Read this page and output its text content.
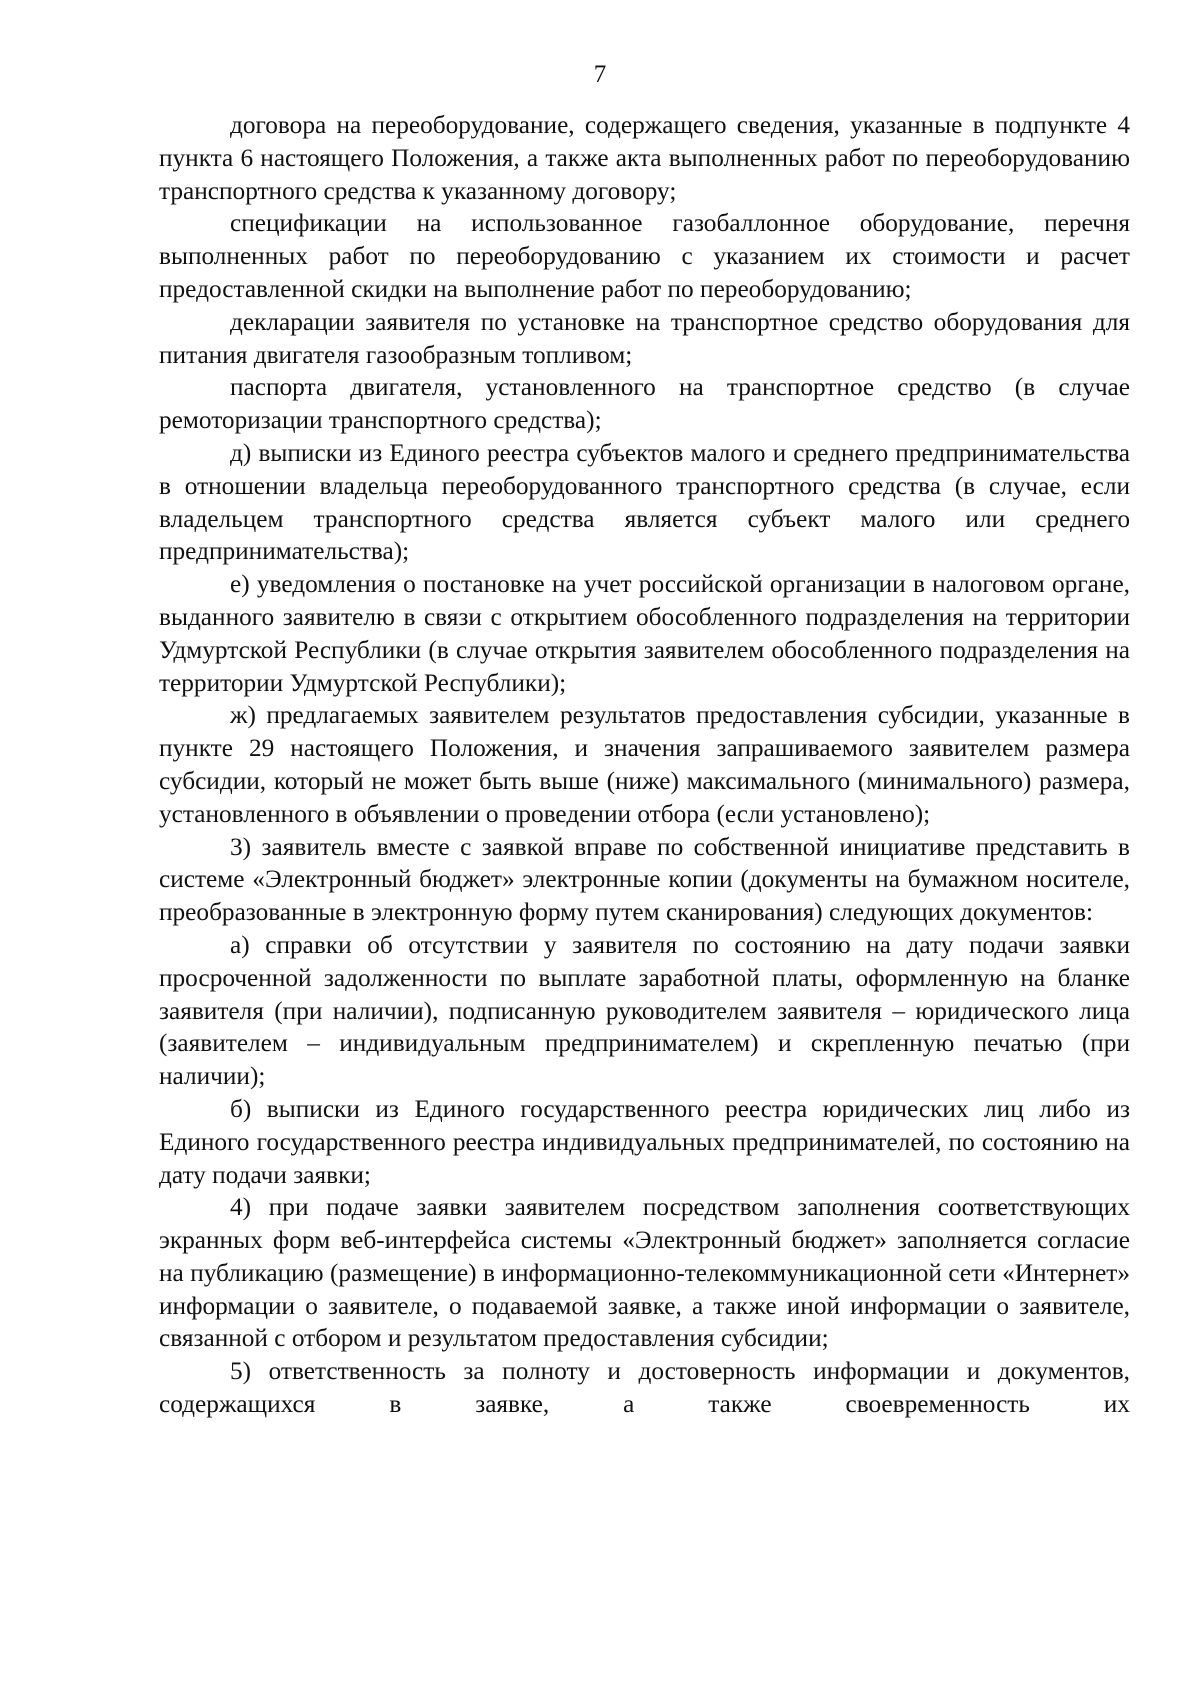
7

договора на переоборудование, содержащего сведения, указанные в подпункте 4 пункта 6 настоящего Положения, а также акта выполненных работ по переоборудованию транспортного средства к указанному договору;

спецификации на использованное газобаллонное оборудование, перечня выполненных работ по переоборудованию с указанием их стоимости и расчет предоставленной скидки на выполнение работ по переоборудованию;

декларации заявителя по установке на транспортное средство оборудования для питания двигателя газообразным топливом;

паспорта двигателя, установленного на транспортное средство (в случае ремоторизации транспортного средства);

д) выписки из Единого реестра субъектов малого и среднего предпринимательства в отношении владельца переоборудованного транспортного средства (в случае, если владельцем транспортного средства является субъект малого или среднего предпринимательства);

е) уведомления о постановке на учет российской организации в налоговом органе, выданного заявителю в связи с открытием обособленного подразделения на территории Удмуртской Республики (в случае открытия заявителем обособленного подразделения на территории Удмуртской Республики);

ж) предлагаемых заявителем результатов предоставления субсидии, указанные в пункте 29 настоящего Положения, и значения запрашиваемого заявителем размера субсидии, который не может быть выше (ниже) максимального (минимального) размера, установленного в объявлении о проведении отбора (если установлено);

3) заявитель вместе с заявкой вправе по собственной инициативе представить в системе «Электронный бюджет» электронные копии (документы на бумажном носителе, преобразованные в электронную форму путем сканирования) следующих документов:

а) справки об отсутствии у заявителя по состоянию на дату подачи заявки просроченной задолженности по выплате заработной платы, оформленную на бланке заявителя (при наличии), подписанную руководителем заявителя – юридического лица (заявителем – индивидуальным предпринимателем) и скрепленную печатью (при наличии);

б) выписки из Единого государственного реестра юридических лиц либо из Единого государственного реестра индивидуальных предпринимателей, по состоянию на дату подачи заявки;

4) при подаче заявки заявителем посредством заполнения соответствующих экранных форм веб-интерфейса системы «Электронный бюджет» заполняется согласие на публикацию (размещение) в информационно-телекоммуникационной сети «Интернет» информации о заявителе, о подаваемой заявке, а также иной информации о заявителе, связанной с отбором и результатом предоставления субсидии;

5) ответственность за полноту и достоверность информации и документов, содержащихся в заявке, а также своевременность их
